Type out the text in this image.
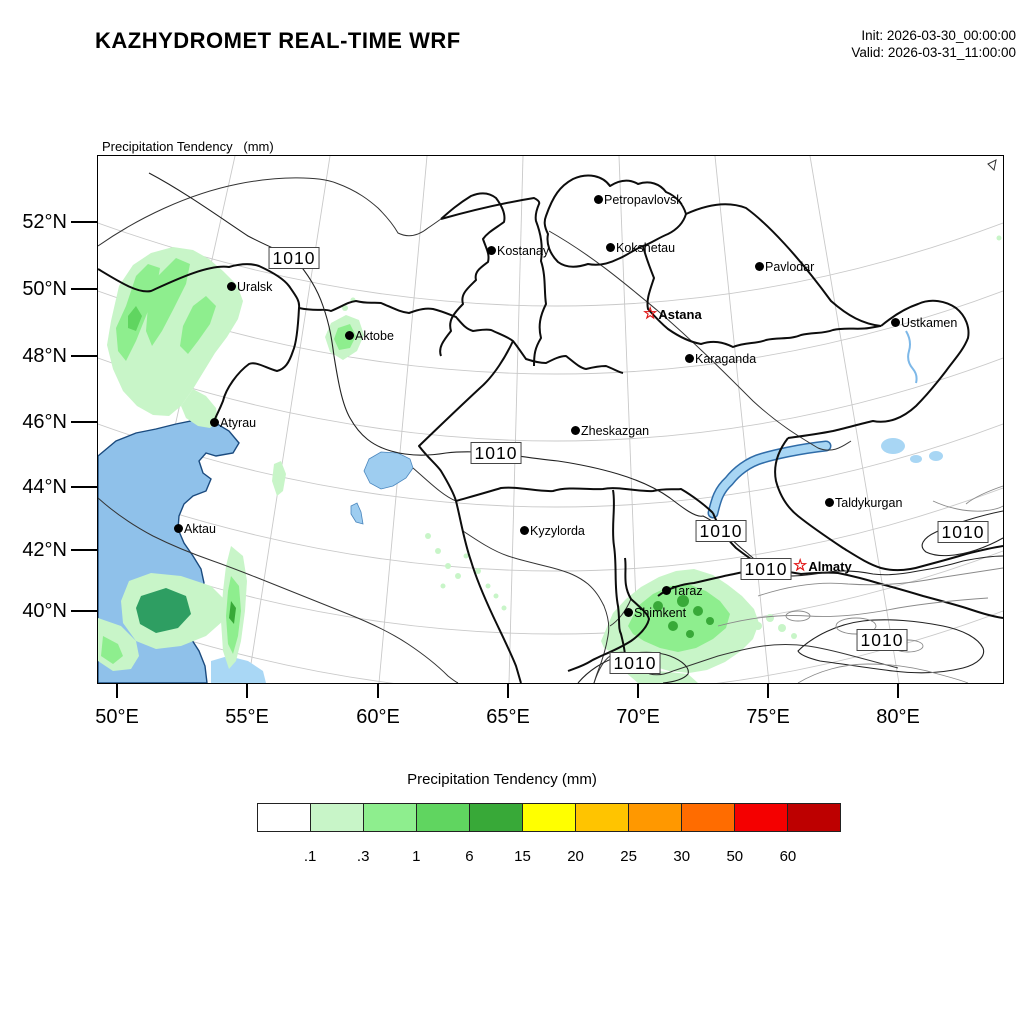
KAZHYDROMET REAL-TIME WRF	Init: 2026-03-30_00:00:00
Valid: 2026-03-31_11:00:00

Precipitation Tendency   (mm)

1010
1010
1010
1010
1010
1010
1010
Petropavlovsk
Kokshetau
Kostanay
Pavlodar
Uralsk
☆Astana
Ustkamen
Aktobe
Karaganda
Atyrau
Zheskazgan
Taldykurgan
Aktau	Kyzylorda
☆Almaty
Taraz
Shimkent
52°N
50°N
48°N
46°N
44°N
42°N
40°N
50°E	55°E	60°E	65°E	70°E	75°E	80°E
Precipitation Tendency (mm)
.1	.3	1	6	15	20	25	30	50	60
